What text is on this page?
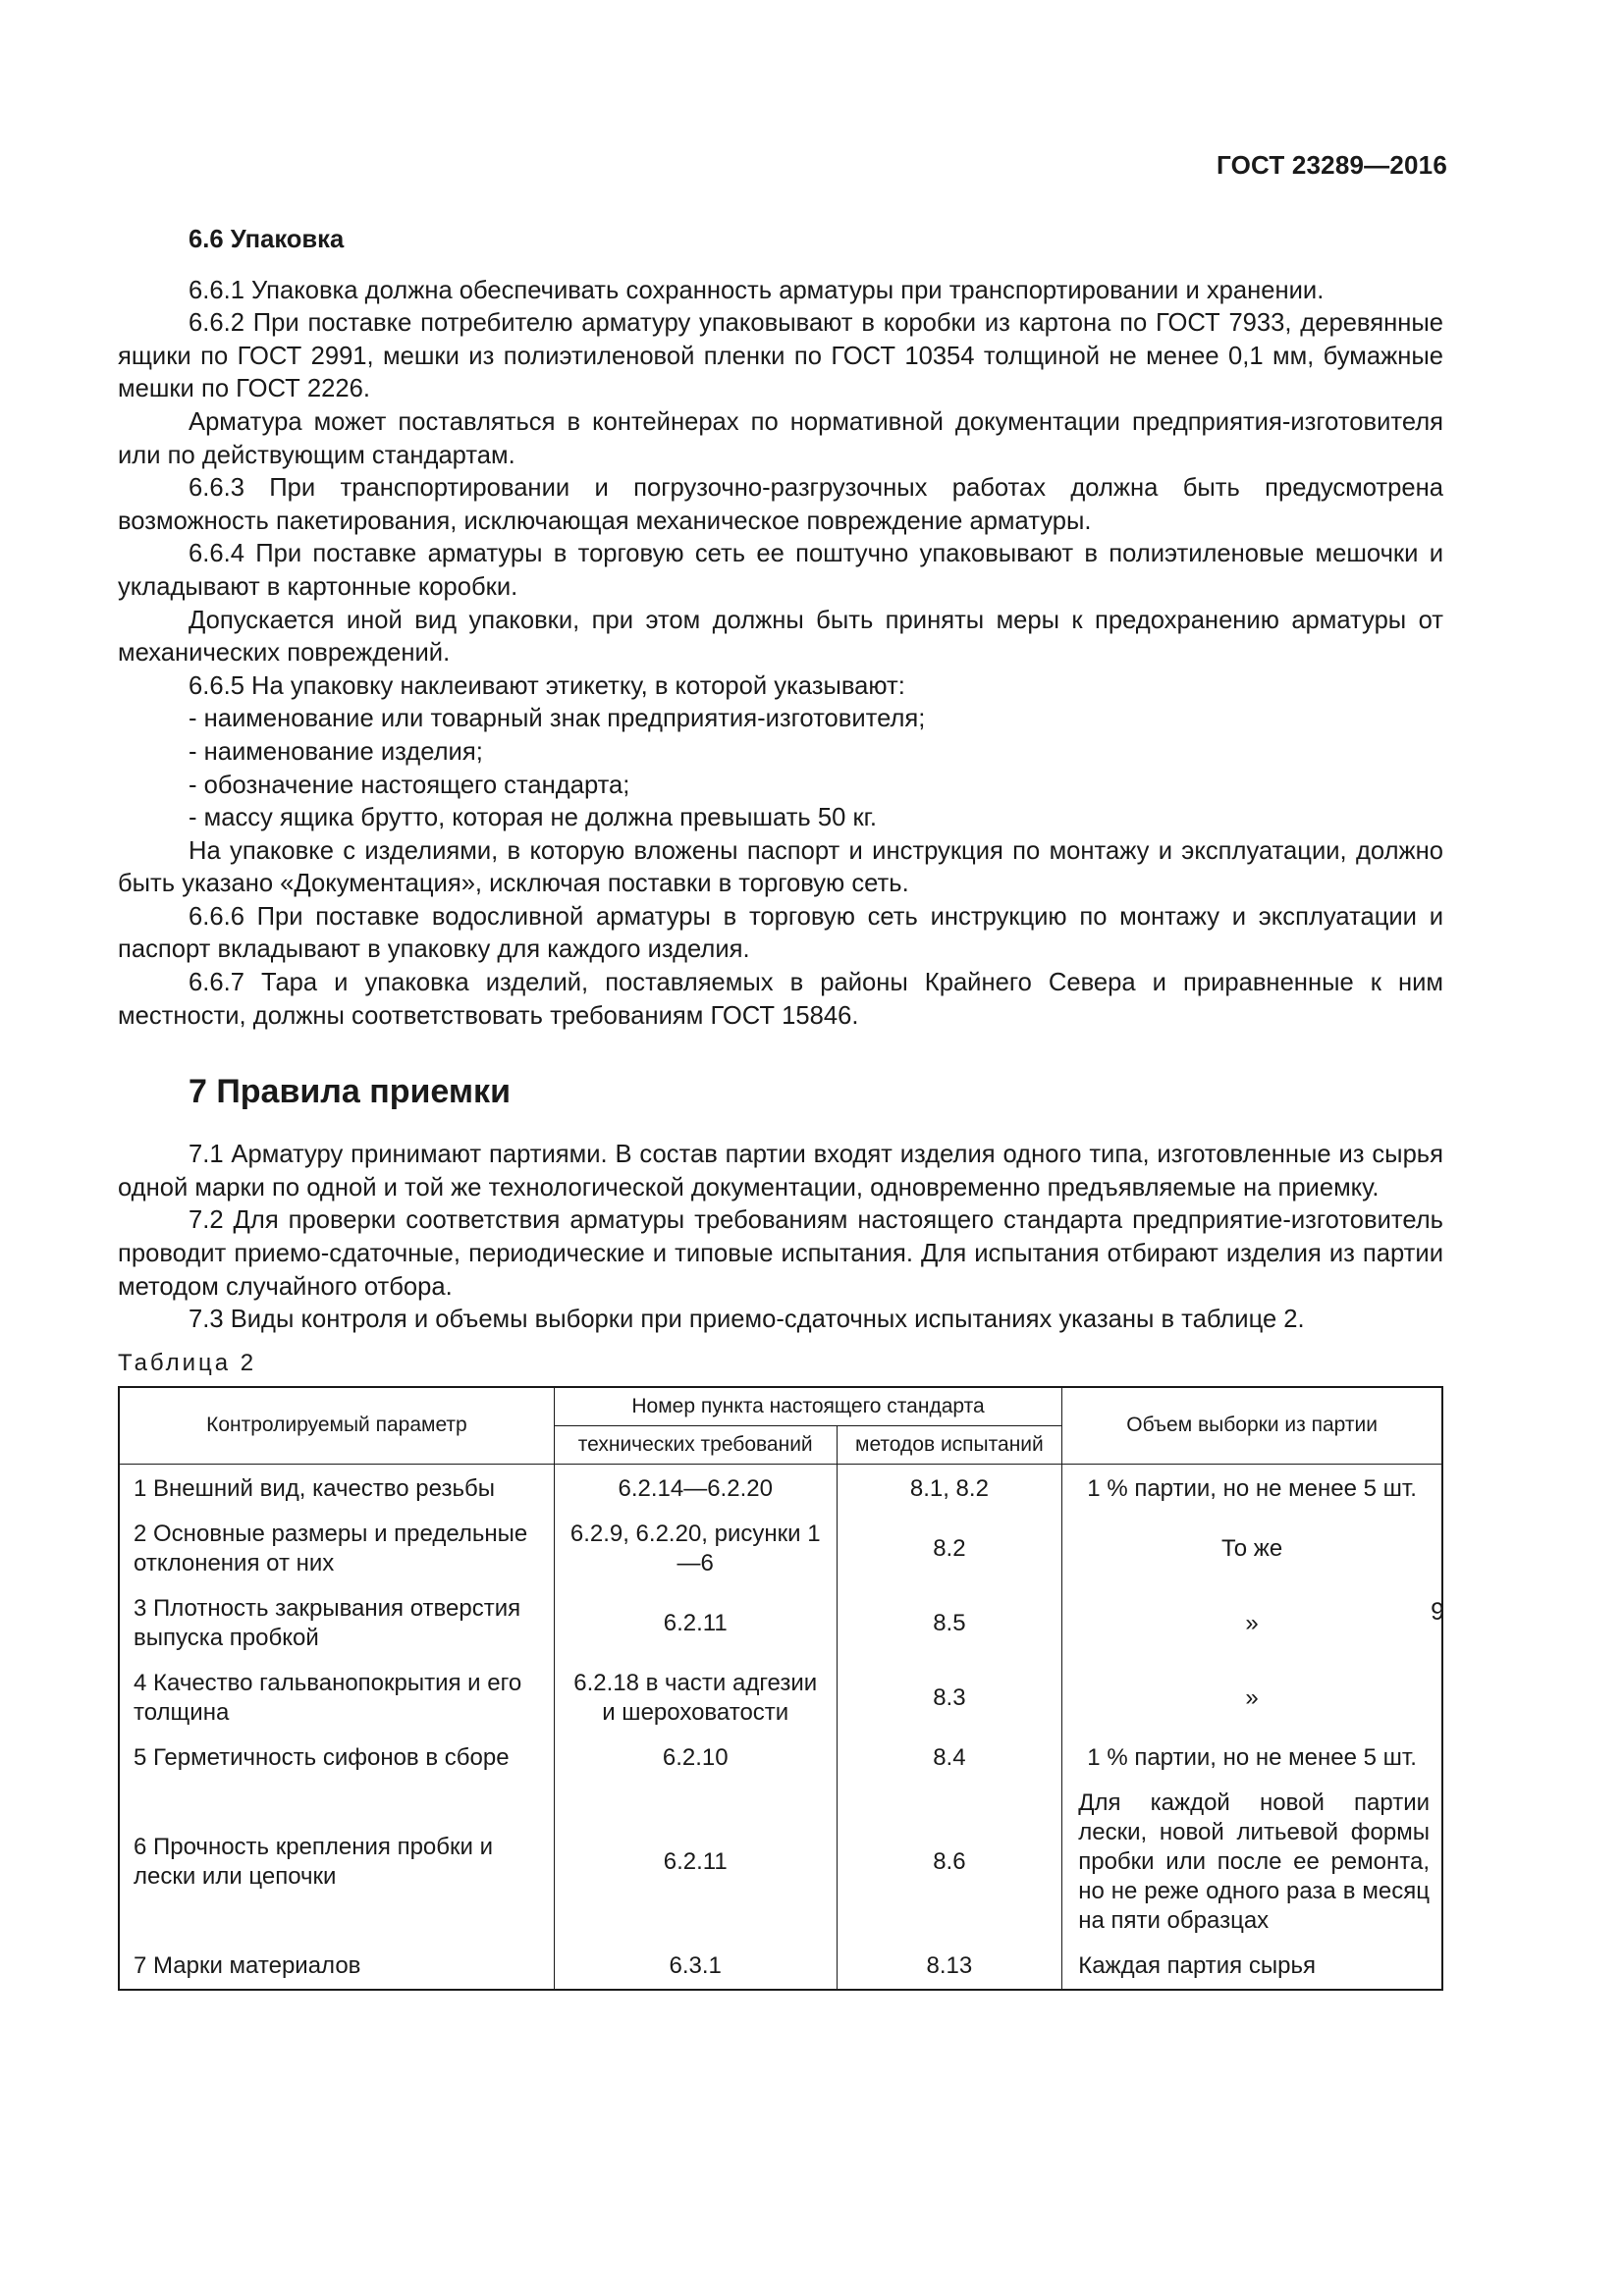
ГОСТ 23289—2016
6.6 Упаковка

6.6.1 Упаковка должна обеспечивать сохранность арматуры при транспортировании и хранении.

6.6.2 При поставке потребителю арматуру упаковывают в коробки из картона по ГОСТ 7933, деревянные ящики по ГОСТ 2991, мешки из полиэтиленовой пленки по ГОСТ 10354 толщиной не менее 0,1 мм, бумажные мешки по ГОСТ 2226.

Арматура может поставляться в контейнерах по нормативной документации предприятия-изготовителя или по действующим стандартам.

6.6.3 При транспортировании и погрузочно-разгрузочных работах должна быть предусмотрена возможность пакетирования, исключающая механическое повреждение арматуры.

6.6.4 При поставке арматуры в торговую сеть ее поштучно упаковывают в полиэтиленовые мешочки и укладывают в картонные коробки.

Допускается иной вид упаковки, при этом должны быть приняты меры к предохранению арматуры от механических повреждений.

6.6.5 На упаковку наклеивают этикетку, в которой указывают:

- наименование или товарный знак предприятия-изготовителя;
- наименование изделия;
- обозначение настоящего стандарта;
- массу ящика брутто, которая не должна превышать 50 кг.

На упаковке с изделиями, в которую вложены паспорт и инструкция по монтажу и эксплуатации, должно быть указано «Документация», исключая поставки в торговую сеть.

6.6.6 При поставке водосливной арматуры в торговую сеть инструкцию по монтажу и эксплуатации и паспорт вкладывают в упаковку для каждого изделия.

6.6.7 Тара и упаковка изделий, поставляемых в районы Крайнего Севера и приравненные к ним местности, должны соответствовать требованиям ГОСТ 15846.

7 Правила приемки

7.1 Арматуру принимают партиями. В состав партии входят изделия одного типа, изготовленные из сырья одной марки по одной и той же технологической документации, одновременно предъявляемые на приемку.

7.2 Для проверки соответствия арматуры требованиям настоящего стандарта предприятие-изготовитель проводит приемо-сдаточные, периодические и типовые испытания. Для испытания отбирают изделия из партии методом случайного отбора.

7.3 Виды контроля и объемы выборки при приемо-сдаточных испытаниях указаны в таблице 2.

Таблица 2
Контролируемый параметр	Номер пункта настоящего стандарта		Объем выборки из партии
	технических требований	методов испытаний	
1 Внешний вид, качество резьбы	6.2.14—6.2.20	8.1, 8.2	1 % партии, но не менее 5 шт.
2 Основные размеры и предельные отклонения от них	6.2.9, 6.2.20, рисунки 1—6	8.2	То же
3 Плотность закрывания отверстия выпуска пробкой	6.2.11	8.5	»
4 Качество гальванопокрытия и его толщина	6.2.18 в части адгезии и шероховатости	8.3	»
5 Герметичность сифонов в сборе	6.2.10	8.4	1 % партии, но не менее 5 шт.
6 Прочность крепления пробки и лески или цепочки	6.2.11	8.6	Для каждой новой партии лески, новой литьевой формы пробки или после ее ремонта, но не реже одного раза в месяц на пяти образцах
7 Марки материалов	6.3.1	8.13	Каждая партия сырья
9
